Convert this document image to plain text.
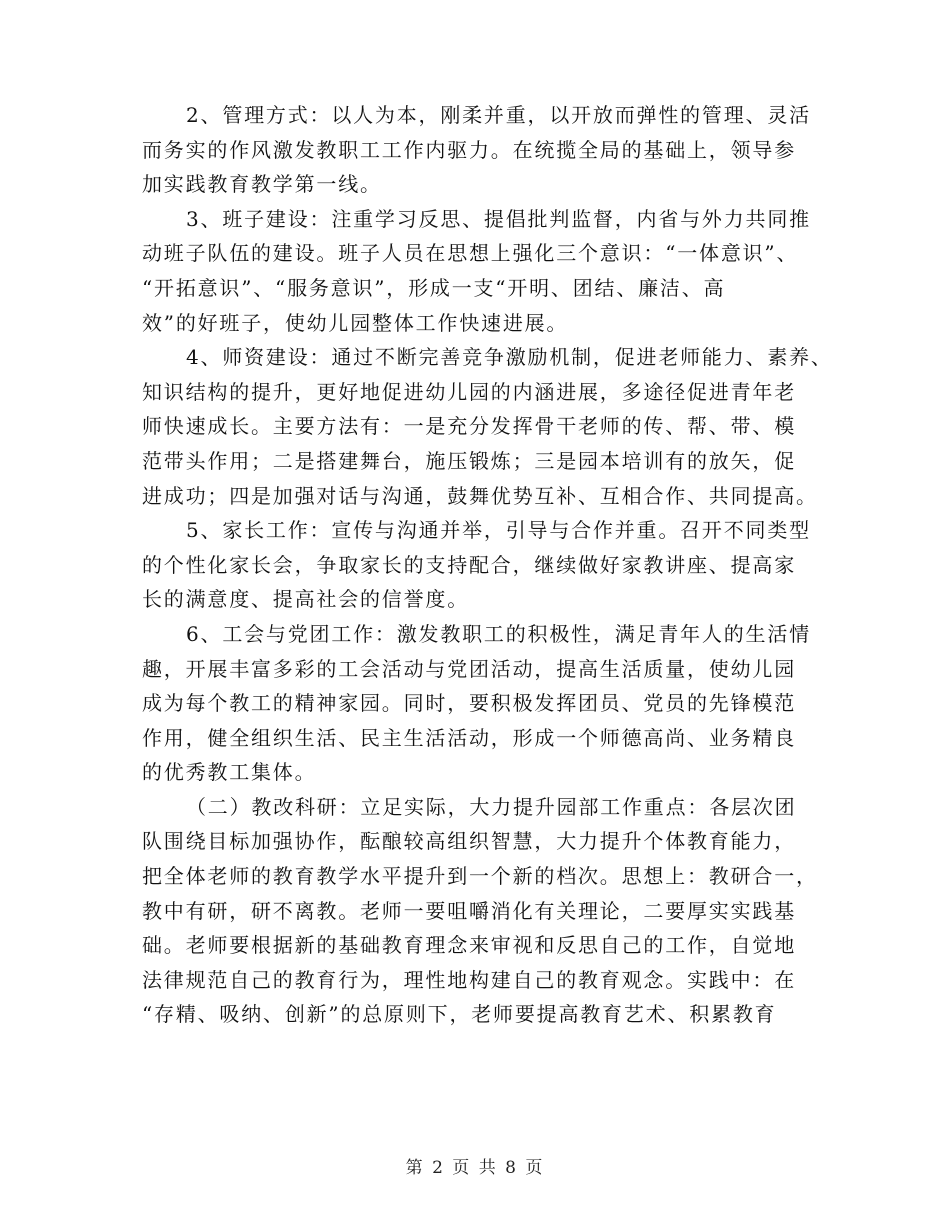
2、管理方式：以人为本，刚柔并重，以开放而弹性的管理、灵活
而务实的作风激发教职工工作内驱力。在统揽全局的基础上，领导参
加实践教育教学第一线。
3、班子建设：注重学习反思、提倡批判监督，内省与外力共同推
动班子队伍的建设。班子人员在思想上强化三个意识：“一体意识”、
“开拓意识”、“服务意识”，形成一支“开明、团结、廉洁、高
效”的好班子，使幼儿园整体工作快速进展。
4、师资建设：通过不断完善竞争激励机制，促进老师能力、素养、
知识结构的提升，更好地促进幼儿园的内涵进展，多途径促进青年老
师快速成长。主要方法有：一是充分发挥骨干老师的传、帮、带、模
范带头作用；二是搭建舞台，施压锻炼；三是园本培训有的放矢，促
进成功；四是加强对话与沟通，鼓舞优势互补、互相合作、共同提高。
5、家长工作：宣传与沟通并举，引导与合作并重。召开不同类型
的个性化家长会，争取家长的支持配合，继续做好家教讲座、提高家
长的满意度、提高社会的信誉度。
6、工会与党团工作：激发教职工的积极性，满足青年人的生活情
趣，开展丰富多彩的工会活动与党团活动，提高生活质量，使幼儿园
成为每个教工的精神家园。同时，要积极发挥团员、党员的先锋模范
作用，健全组织生活、民主生活活动，形成一个师德高尚、业务精良
的优秀教工集体。
（二）教改科研：立足实际，大力提升园部工作重点：各层次团
队围绕目标加强协作，酝酿较高组织智慧，大力提升个体教育能力，
把全体老师的教育教学水平提升到一个新的档次。思想上：教研合一，
教中有研，研不离教。老师一要咀嚼消化有关理论，二要厚实实践基
础。老师要根据新的基础教育理念来审视和反思自己的工作，自觉地
法律规范自己的教育行为，理性地构建自己的教育观念。实践中：在
“存精、吸纳、创新”的总原则下，老师要提高教育艺术、积累教育
第 2 页 共 8 页
